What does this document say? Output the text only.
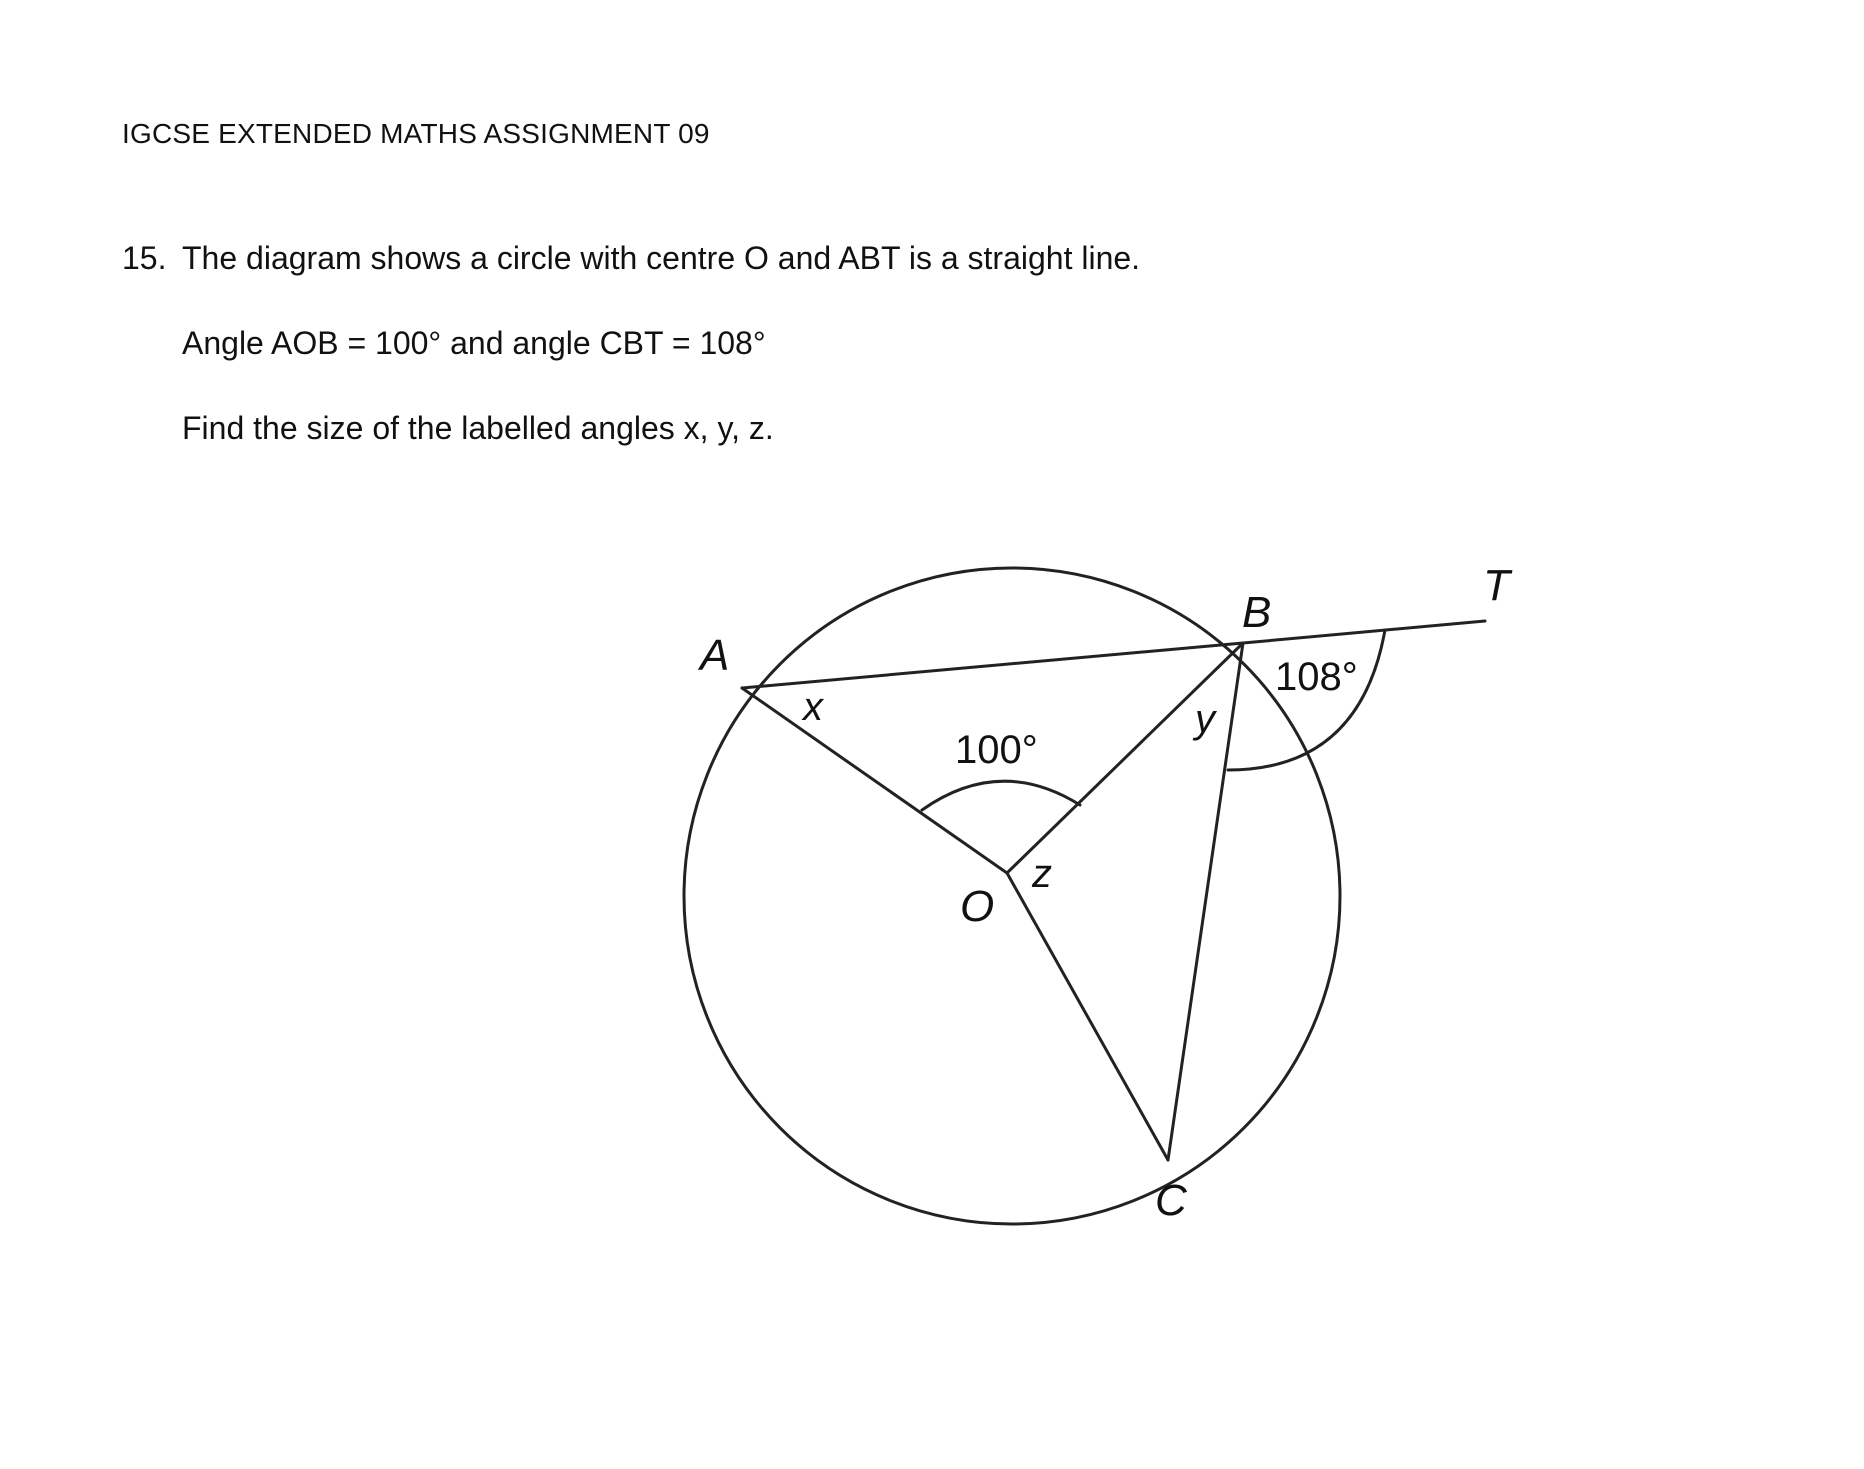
IGCSE EXTENDED MATHS ASSIGNMENT 09
15. The diagram shows a circle with centre O and ABT is a straight line.
Angle AOB = 100° and angle CBT = 108°
Find the size of the labelled angles x, y, z.
A
B
T
O
C
x	y
z
100°
108°
